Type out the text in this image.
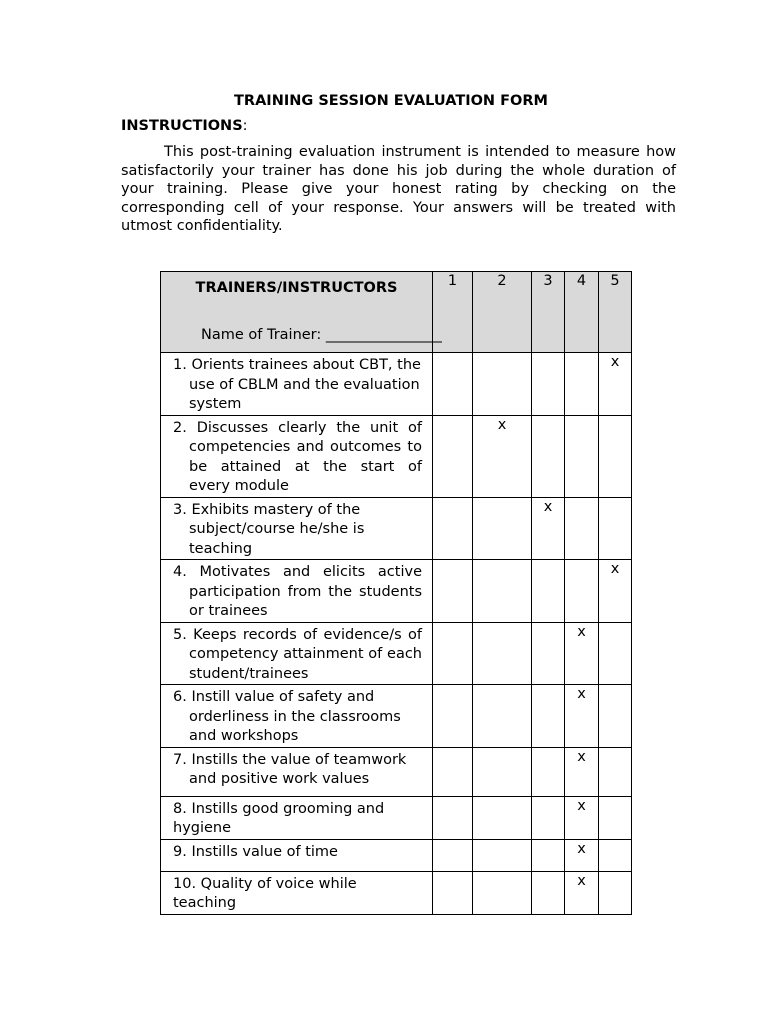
TRAINING SESSION EVALUATION FORM
INSTRUCTIONS:
This post-training evaluation instrument is intended to measure how satisfactorily your trainer has done his job during the whole duration of your training. Please give your honest rating by checking on the corresponding cell of your response. Your answers will be treated with utmost confidentiality.
TRAINERS/INSTRUCTORS
Name of Trainer: ________________	1	2	3	4	5

1. Orients trainees about CBT, the use of CBLM and the evaluation system					x

2. Discusses clearly the unit of competencies and outcomes to be attained at the start of every module		x			

3. Exhibits mastery of the subject/course he/she is teaching			x		

4. Motivates and elicits active participation from the students or trainees					x

5. Keeps records of evidence/s of competency attainment of each student/trainees				x	

6. Instill value of safety and orderliness in the classrooms and workshops				x	

7. Instills the value of teamwork and positive work values				x	

8. Instills good grooming and hygiene				x	

9. Instills value of time				x	

10. Quality of voice while teaching				x	
